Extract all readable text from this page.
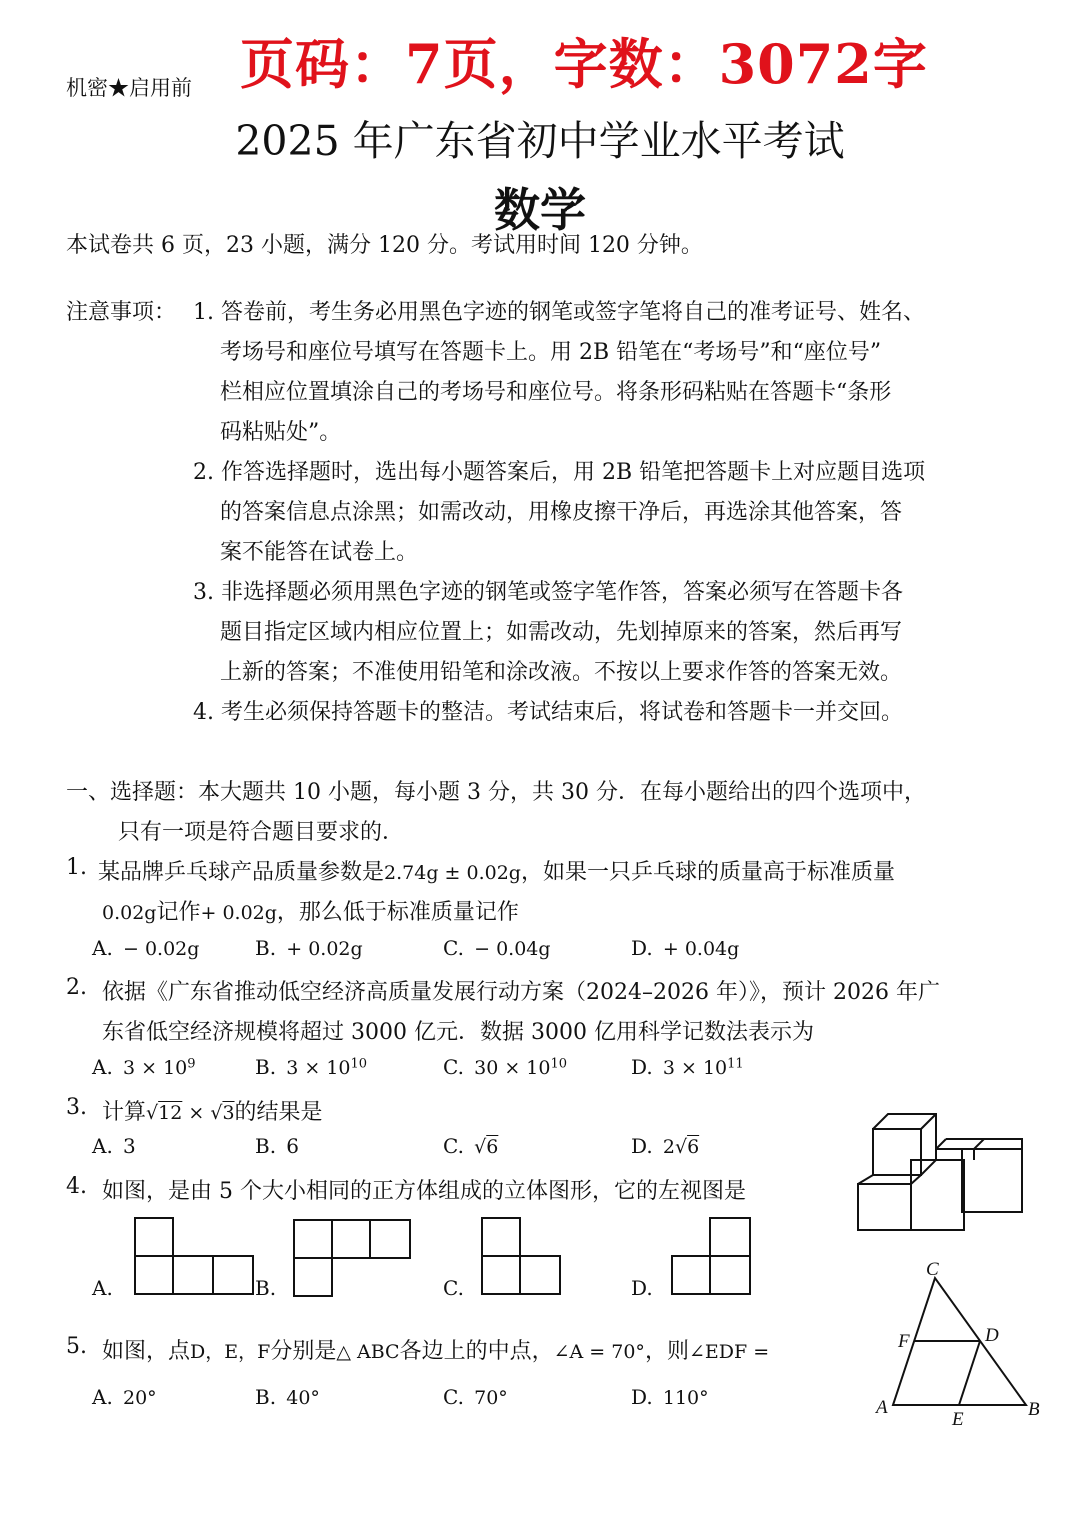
机密★启用前 页码：7页，字数：3072字
2025 年广东省初中学业水平考试
数学
本试卷共 6 页，23 小题，满分 120 分。考试用时间 120 分钟。
注意事项： 1. 答卷前，考生务必用黑色字迹的钢笔或签字笔将自己的准考证号、姓名、
考场号和座位号填写在答题卡上。用 2B 铅笔在“考场号”和“座位号”
栏相应位置填涂自己的考场号和座位号。将条形码粘贴在答题卡“条形
码粘贴处”。
2. 作答选择题时，选出每小题答案后，用 2B 铅笔把答题卡上对应题目选项
的答案信息点涂黑；如需改动，用橡皮擦干净后，再选涂其他答案，答
案不能答在试卷上。
3. 非选择题必须用黑色字迹的钢笔或签字笔作答，答案必须写在答题卡各
题目指定区域内相应位置上；如需改动，先划掉原来的答案，然后再写
上新的答案；不准使用铅笔和涂改液。不按以上要求作答的答案无效。
4. 考生必须保持答题卡的整洁。考试结束后，将试卷和答题卡一并交回。
一、选择题：本大题共 10 小题，每小题 3 分，共 30 分．在每小题给出的四个选项中，
只有一项是符合题目要求的．
1. 某品牌乒乓球产品质量参数是2.74g ± 0.02g，如果一只乒乓球的质量高于标准质量
0.02g记作+ 0.02g，那么低于标准质量记作
A. − 0.02g	B. + 0.02g	C. − 0.04g	D. + 0.04g
2. 依据《广东省推动低空经济高质量发展行动方案（2024–2026 年）》，预计 2026 年广
东省低空经济规模将超过 3000 亿元．数据 3000 亿用科学记数法表示为
A. $3 \times 10^9$	B. $3 \times 10^{10}$	C. $30 \times 10^{10}$	D. $3 \times 10^{11}$
3. 计算√12 × √3的结果是
A. 3	B. 6	C. √6	D. 2√6
4. 如图，是由 5 个大小相同的正方体组成的立体图形，它的左视图是
A.	B.	C.	D.
5. 如图，点D，E，F分别是△ ABC各边上的中点，∠A = 70°，则∠EDF =
A. 20°	B. 40°	C. 70°	D. 110°
C
F	D
A
E	B
